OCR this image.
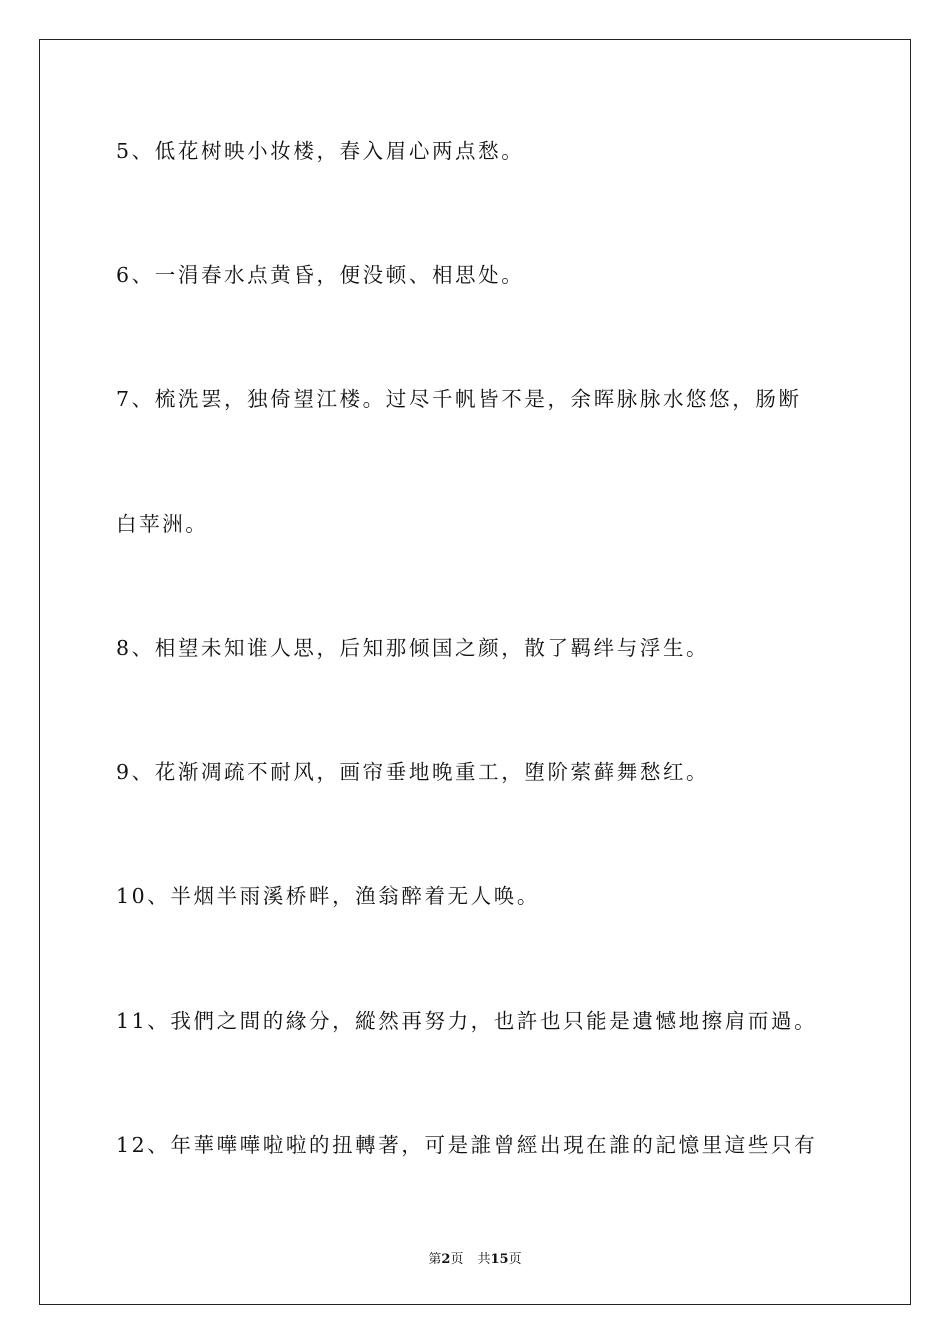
5、低花树映小妆楼，春入眉心两点愁。

6、一涓春水点黄昏，便没顿、相思处。

7、梳洗罢，独倚望江楼。过尽千帆皆不是，余晖脉脉水悠悠，肠断

白苹洲。

8、相望未知谁人思，后知那倾国之颜，散了羁绊与浮生。

9、花渐凋疏不耐风，画帘垂地晚重工，堕阶萦藓舞愁红。

10、半烟半雨溪桥畔，渔翁醉着无人唤。

11、我們之間的緣分，縱然再努力，也許也只能是遺憾地擦肩而過。

12、年華嘩嘩啦啦的扭轉著，可是誰曾經出現在誰的記憶里這些只有

第2页 共15页
